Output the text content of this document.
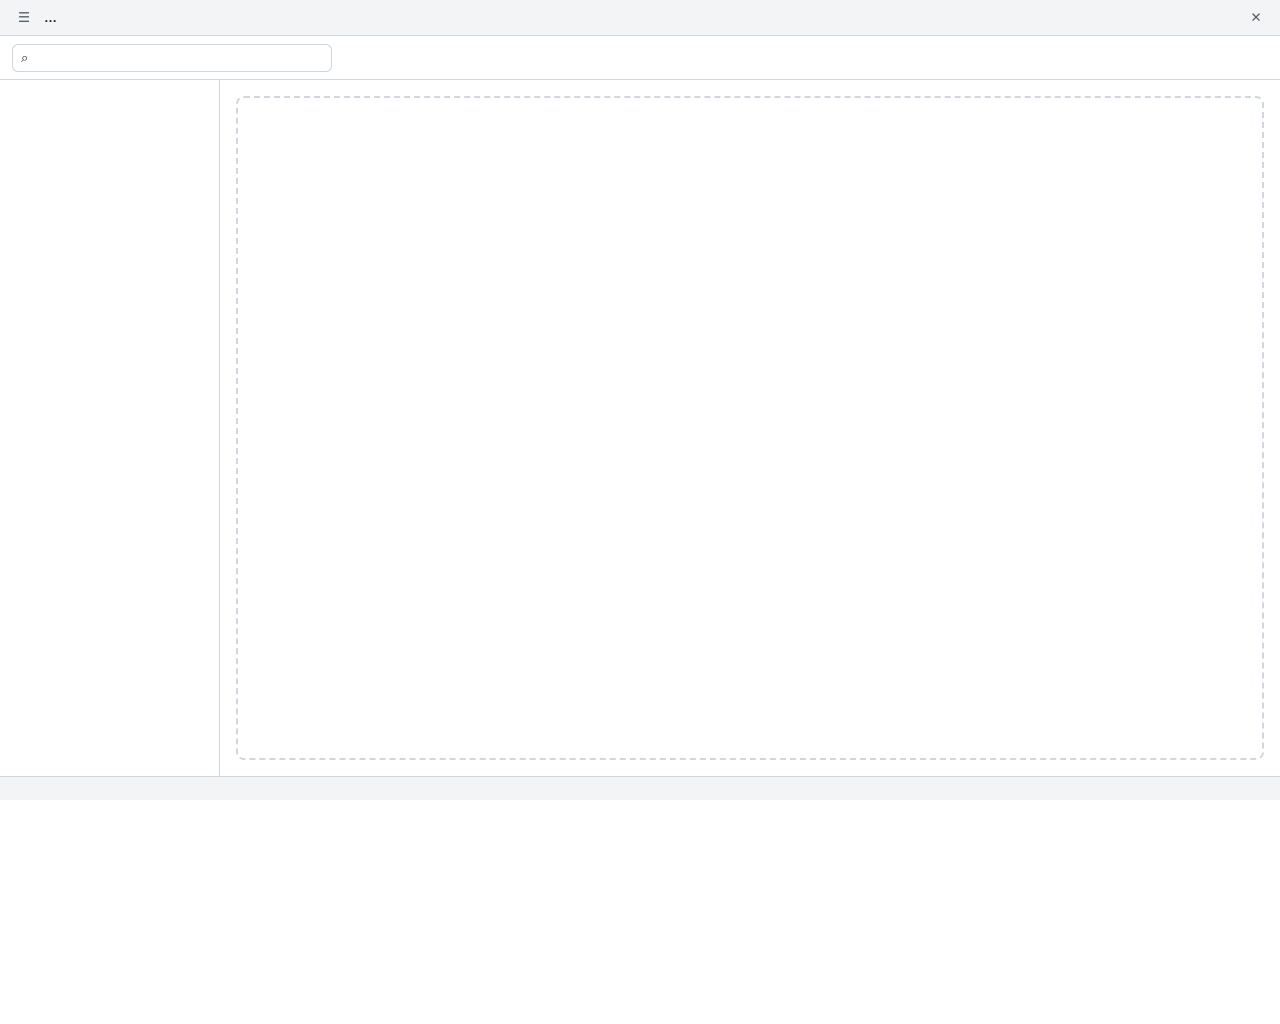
☰	…	✕
⌕
